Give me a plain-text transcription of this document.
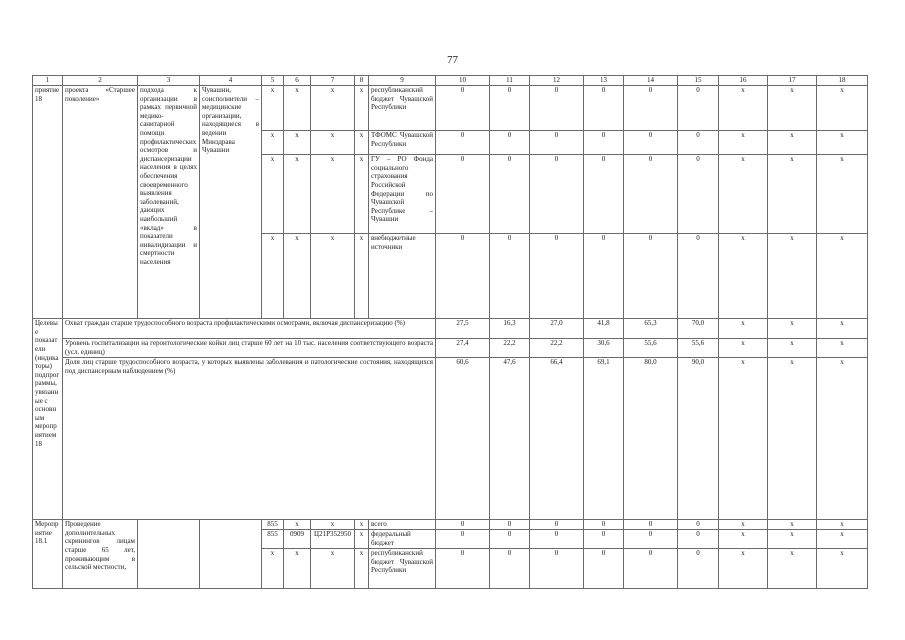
77
1	2	3	4	5	6	7	8	9	10	11	12	13	14	15	16	17	18
приятие 18	проекта «Старшее поколение»	подхода к организации в рамках первичной медико-санитарной помощи профилактических осмотров и диспансеризации населения в целях обеспечения своевременного выявления заболеваний, дающих наибольший «вклад» в показатели инвалидизации и смертности населения	Чувашии, соисполнители – медицинские организации, находящиеся в ведении Минздрава Чувашии	x	x	x	x	республиканский бюджет Чувашской Республики	0	0	0	0	0	0	x	x	x
				x	x	x	x	ТФОМС Чувашской Республики	0	0	0	0	0	0	x	x	x
				x	x	x	x	ГУ – РО Фонда социального страхования Российской Федерации по Чувашской Республике – Чувашии	0	0	0	0	0	0	x	x	x
				x	x	x	x	внебюджетные источники	0	0	0	0	0	0	x	x	x
Целевые показатели (индикаторы) подпрограммы, увязанные с основным мероприятием 18	Охват граждан старше трудоспособного возраста профилактическими осмотрами, включая диспансеризацию (%)								27,5	16,3	27,0	41,8	65,3	70,0	x	x	x
	Уровень госпитализации на геронтологические койки лиц старше 60 лет на 10 тыс. населения соответствующего возраста (усл. единиц)								27,4	22,2	22,2	30,6	55,6	55,6	x	x	x
	Доля лиц старше трудоспособного возраста, у которых выявлены заболевания и патологические состояния, находящихся под диспансерным наблюдением (%)								60,6	47,6	66,4	69,1	80,0	90,0	x	x	x
Мероприятие 18.1	Проведение дополнительных скринингов лицам старше 65 лет, проживающим в сельской местности,			855	x	x	x	всего	0	0	0	0	0	0	x	x	x
				855	0909	Ц21P352950	x	федеральный бюджет	0	0	0	0	0	0	x	x	x
				x	x	x	x	республиканский бюджет Чувашской Республики	0	0	0	0	0	0	x	x	x
